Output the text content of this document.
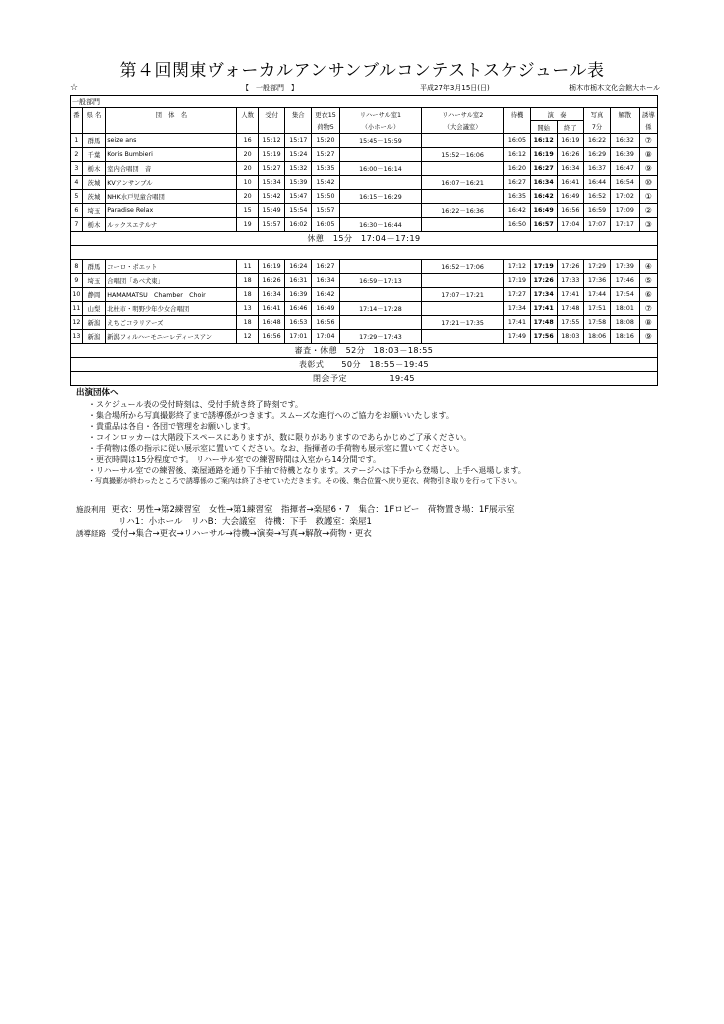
第４回関東ヴォーカルアンサンブルコンテストスケジュール表
☆	【　一般部門　】	平成27年3月15日(日)	栃木市栃木文化会館大ホール
一般部門														
番	県 名	団　体　名	人数	受付	集合	更衣15	リハーサル室1	リハーサル室2	待機	演　奏		写真	解散	誘導
						荷物5	（小ホール）	（大会議室）		開始	終了	7分		係
1	群馬	seize ans	16	15:12	15:17	15:20	15:45－15:59		16:05	16:12	16:19	16:22	16:32	⑦
2	千葉	Koris Bumbieri	20	15:19	15:24	15:27		15:52－16:06	16:12	16:19	16:26	16:29	16:39	⑧
3	栃木	室内合唱団　音	20	15:27	15:32	15:35	16:00－16:14		16:20	16:27	16:34	16:37	16:47	⑨
4	茨城	KVアンサンブル	10	15:34	15:39	15:42		16:07－16:21	16:27	16:34	16:41	16:44	16:54	⑩
5	茨城	NHK水戸児童合唱団	20	15:42	15:47	15:50	16:15－16:29		16:35	16:42	16:49	16:52	17:02	①
6	埼玉	Paradise Relax	15	15:49	15:54	15:57		16:22－16:36	16:42	16:49	16:56	16:59	17:09	②
7	栃木	ルックスエテルナ	19	15:57	16:02	16:05	16:30－16:44		16:50	16:57	17:04	17:07	17:17	③
休憩　15分　17:04－17:19														

8	群馬	コーロ・ポエット	11	16:19	16:24	16:27		16:52－17:06	17:12	17:19	17:26	17:29	17:39	④
9	埼玉	合唱団「あべ犬東」	18	16:26	16:31	16:34	16:59－17:13		17:19	17:26	17:33	17:36	17:46	⑤
10	静岡	HAMAMATSU　Chamber　Choir	18	16:34	16:39	16:42		17:07－17:21	17:27	17:34	17:41	17:44	17:54	⑥
11	山梨	北杜市・明野少年少女合唱団	13	16:41	16:46	16:49	17:14－17:28		17:34	17:41	17:48	17:51	18:01	⑦
12	新潟	えちごコラリアーズ	18	16:48	16:53	16:56		17:21－17:35	17:41	17:48	17:55	17:58	18:08	⑧
13	新潟	新潟フィルハーモニーレディースアン	12	16:56	17:01	17:04	17:29－17:43		17:49	17:56	18:03	18:06	18:16	⑨
審査・休憩　52分　18:03－18:55														
表彰式　　50分　18:55－19:45														
閉会予定　　　　　19:45														
出演団体へ
・スケジュール表の受付時刻は、受付手続き終了時刻です。
・集合場所から写真撮影終了まで誘導係がつきます。スムーズな進行へのご協力をお願いいたします。
・貴重品は各自・各団で管理をお願いします。
・コインロッカーは大階段下スペースにありますが、数に限りがありますのであらかじめご了承ください。
・手荷物は係の指示に従い展示室に置いてください。なお、指揮者の手荷物も展示室に置いてください。
・更衣時間は15分程度です。 リハーサル室での練習時間は入室から14分間です。
・リハーサル室での練習後、楽屋通路を通り下手袖で待機となります。ステージへは下手から登場し、上手へ退場します。
・写真撮影が終わったところで誘導係のご案内は終了させていただきます。その後、集合位置へ戻り更衣、荷物引き取りを行って下さい。
施設利用 更衣：男性→第2練習室　女性→第1練習室　指揮者→楽屋6・7　集合：1Fロビー　荷物置き場：1F展示室
リハ1：小ホール　リハB：大会議室　待機：下手　救護室：楽屋1
誘導経路 受付→集合→更衣→リハーサル→待機→演奏→写真→解散→荷物・更衣
